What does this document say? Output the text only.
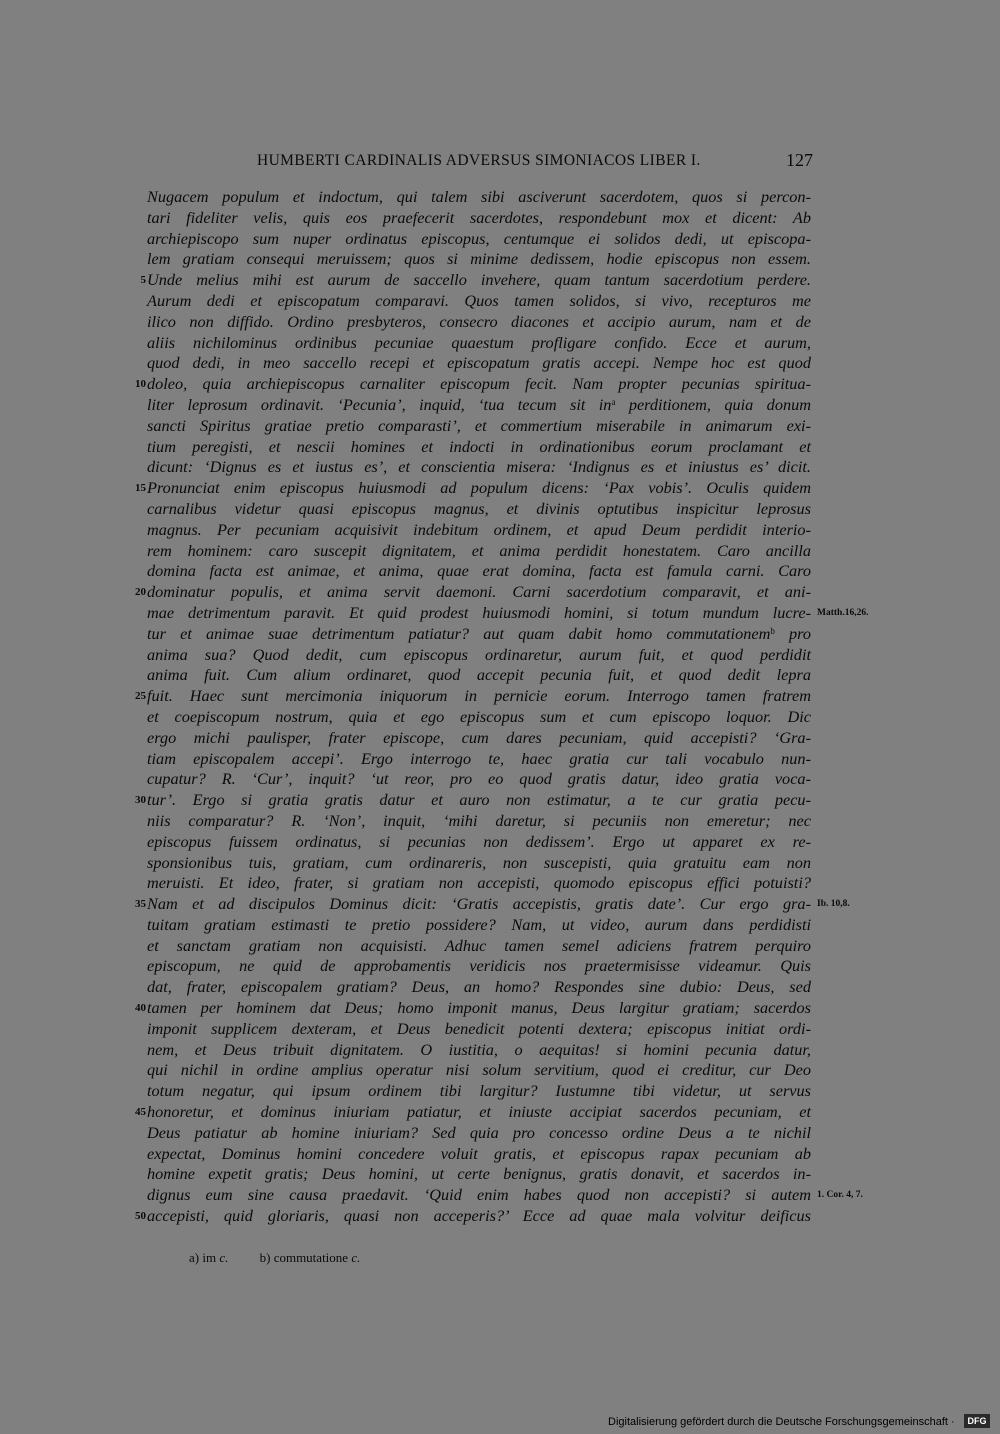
HUMBERTI CARDINALIS ADVERSUS SIMONIACOS LIBER I.	127
Nugacem populum et indoctum, qui talem sibi asciverunt sacerdotem, quos si percon-
tari fideliter velis, quis eos praefecerit sacerdotes, respondebunt mox et dicent: Ab
archiepiscopo sum nuper ordinatus episcopus, centumque ei solidos dedi, ut episcopa-
lem gratiam consequi meruissem; quos si minime dedissem, hodie episcopus non essem.
5 Unde melius mihi est aurum de saccello invehere, quam tantum sacerdotium perdere.
Aurum dedi et episcopatum comparavi. Quos tamen solidos, si vivo, recepturos me
ilico non diffido. Ordino presbyteros, consecro diacones et accipio aurum, nam et de
aliis nichilominus ordinibus pecuniae quaestum profligare confido. Ecce et aurum,
quod dedi, in meo saccello recepi et episcopatum gratis accepi. Nempe hoc est quod
10 doleo, quia archiepiscopus carnaliter episcopum fecit. Nam propter pecunias spiritua-
liter leprosum ordinavit. ‘Pecunia’, inquid, ‘tua tecum sit $in^a$ perditionem, quia donum
sancti Spiritus gratiae pretio comparasti’, et commertium miserabile in animarum exi-
tium peregisti, et nescii homines et indocti in ordinationibus eorum proclamant et
dicunt: ‘Dignus es et iustus es’, et conscientia misera: ‘Indignus es et iniustus es’ dicit.
15 Pronunciat enim episcopus huiusmodi ad populum dicens: ‘Pax vobis’. Oculis quidem
carnalibus videtur quasi episcopus magnus, et divinis optutibus inspicitur leprosus
magnus. Per pecuniam acquisivit indebitum ordinem, et apud Deum perdidit interio-
rem hominem: caro suscepit dignitatem, et anima perdidit honestatem. Caro ancilla
domina facta est animae, et anima, quae erat domina, facta est famula carni. Caro
20 dominatur populis, et anima servit daemoni. Carni sacerdotium comparavit, et ani-
mae detrimentum paravit. Et quid prodest huiusmodi homini, si totum mundum lucre- Matth.16,26.
tur et animae suae detrimentum patiatur? aut quam dabit homo commutationem$^b$ pro
anima sua? Quod dedit, cum episcopus ordinaretur, aurum fuit, et quod perdidit
anima fuit. Cum alium ordinaret, quod accepit pecunia fuit, et quod dedit lepra
25 fuit. Haec sunt mercimonia iniquorum in pernicie eorum. Interrogo tamen fratrem
et coepiscopum nostrum, quia et ego episcopus sum et cum episcopo loquor. Dic
ergo michi paulisper, frater episcope, cum dares pecuniam, quid accepisti? ‘Gra-
tiam episcopalem accepi’. Ergo interrogo te, haec gratia cur tali vocabulo nun-
cupatur? R. ‘Cur’, inquit? ‘ut reor, pro eo quod gratis datur, ideo gratia voca-
30 tur’. Ergo si gratia gratis datur et auro non estimatur, a te cur gratia pecu-
niis comparatur? R. ‘Non’, inquit, ‘mihi daretur, si pecuniis non emeretur; nec
episcopus fuissem ordinatus, si pecunias non dedissem’. Ergo ut apparet ex re-
sponsionibus tuis, gratiam, cum ordinareris, non suscepisti, quia gratuitu eam non
meruisti. Et ideo, frater, si gratiam non accepisti, quomodo episcopus effici potuisti?
35 Nam et ad discipulos Dominus dicit: ‘Gratis accepistis, gratis date’. Cur ergo gra- Ib. 10,8.
tuitam gratiam estimasti te pretio possidere? Nam, ut video, aurum dans perdidisti
et sanctam gratiam non acquisisti. Adhuc tamen semel adiciens fratrem perquiro
episcopum, ne quid de approbamentis veridicis nos praetermisisse videamur. Quis
dat, frater, episcopalem gratiam? Deus, an homo? Respondes sine dubio: Deus, sed
40 tamen per hominem dat Deus; homo imponit manus, Deus largitur gratiam; sacerdos
imponit supplicem dexteram, et Deus benedicit potenti dextera; episcopus initiat ordi-
nem, et Deus tribuit dignitatem. O iustitia, o aequitas! si homini pecunia datur,
qui nichil in ordine amplius operatur nisi solum servitium, quod ei creditur, cur Deo
totum negatur, qui ipsum ordinem tibi largitur? Iustumne tibi videtur, ut servus
45 honoretur, et dominus iniuriam patiatur, et iniuste accipiat sacerdos pecuniam, et
Deus patiatur ab homine iniuriam? Sed quia pro concesso ordine Deus a te nichil
expectat, Dominus homini concedere voluit gratis, et episcopus rapax pecuniam ab
homine expetit gratis; Deus homini, ut certe benignus, gratis donavit, et sacerdos in-
dignus eum sine causa praedavit. ‘Quid enim habes quod non accepisti? si autem 1. Cor. 4, 7.
50 accepisti, quid gloriaris, quasi non acceperis?’ Ecce ad quae mala volvitur deificus
a) im c. b) commutatione c.
Digitalisierung gefördert durch die Deutsche Forschungsgemeinschaft ·	DFG
